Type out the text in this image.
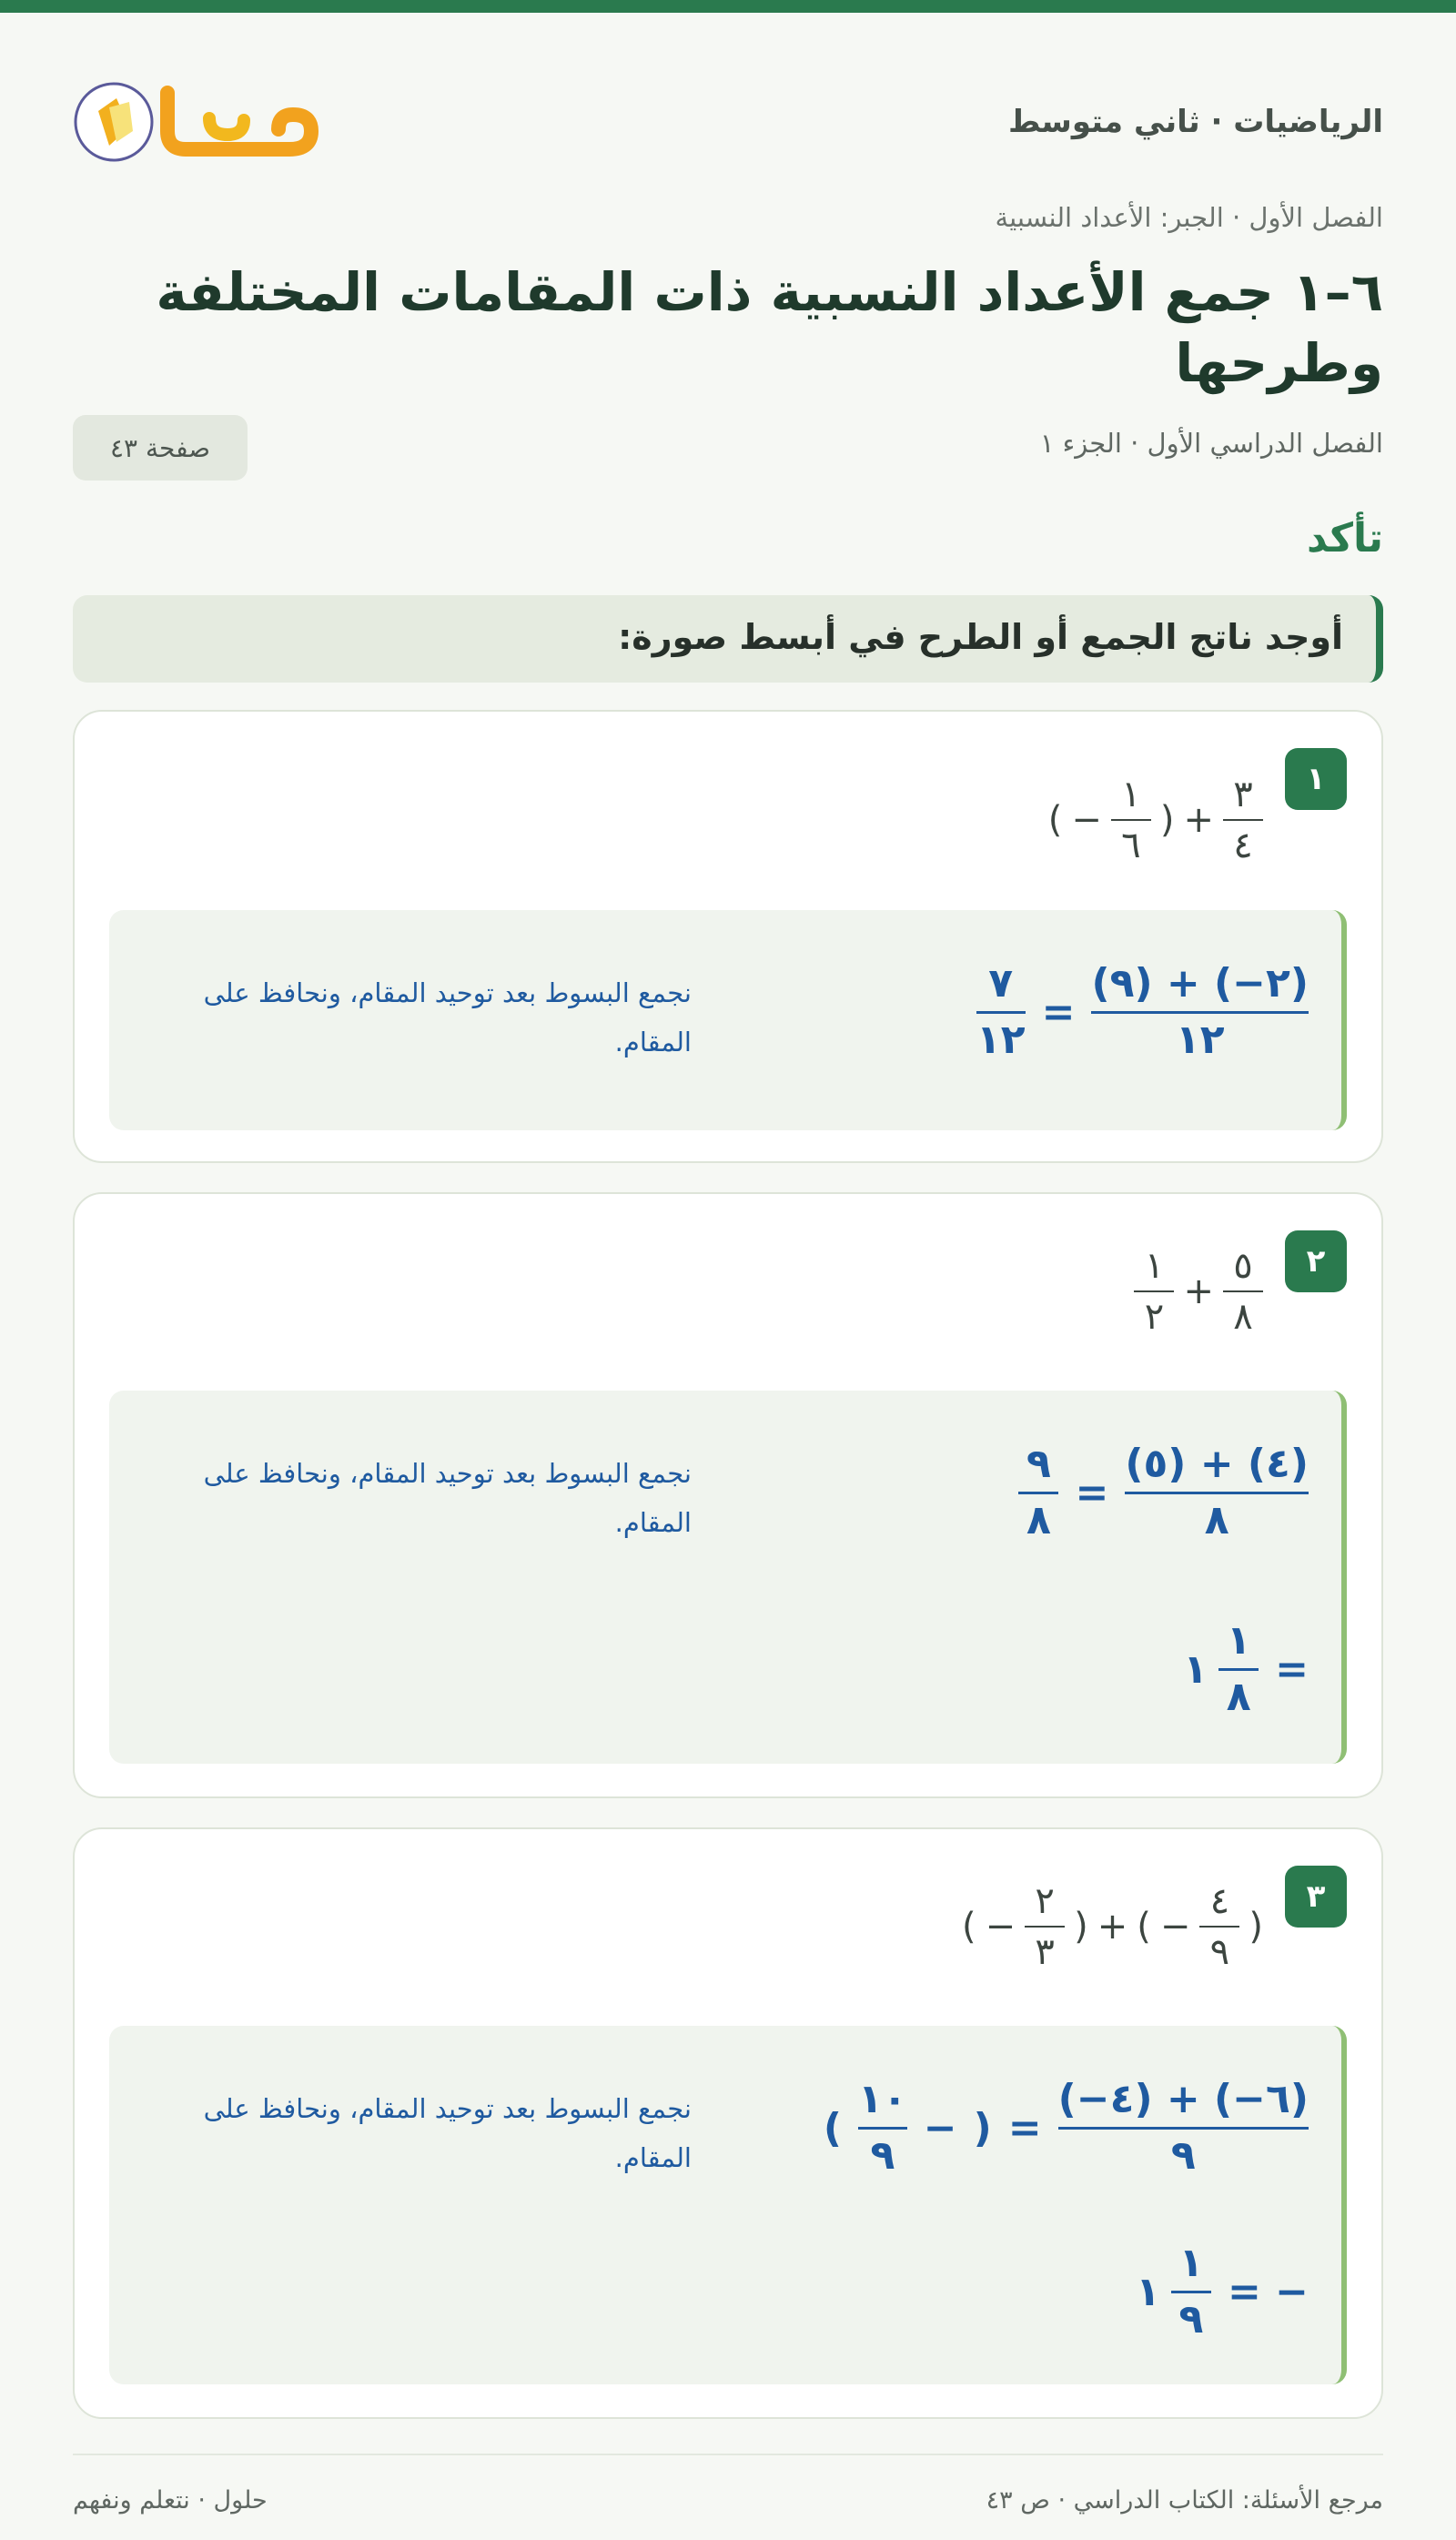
الرياضيات · ثاني متوسط
الفصل الأول · الجبر: الأعداد النسبية
٦–١ جمع الأعداد النسبية ذات المقامات المختلفة وطرحها
الفصل الدراسي الأول · الجزء ١
صفحة ٤٣
تأكد
أوجد ناتج الجمع أو الطرح في أبسط صورة:
١
( − $\frac{١}{٦}$ ) + $\frac{٣}{٤}$
$\frac{٧}{١٢} = \frac{(٩) + (-٢)}{١٢}$
نجمع البسوط بعد توحيد المقام، ونحافظ على المقام.
٢
$\frac{١}{٢} + \frac{٥}{٨}$
$\frac{٩}{٨} = \frac{(٥) + (٤)}{٨}$
١ $\frac{١}{٨}$ =
نجمع البسوط بعد توحيد المقام، ونحافظ على المقام.
٣
( − $\frac{٢}{٣}$ ) + ( − $\frac{٤}{٩}$ )
( $\frac{١٠}{٩}$ − ) = $\frac{(-٤) + (-٦)}{٩}$
١ $\frac{١}{٩}$ = −
نجمع البسوط بعد توحيد المقام، ونحافظ على المقام.
حلول · نتعلم ونفهم	مرجع الأسئلة: الكتاب الدراسي · ص ٤٣
